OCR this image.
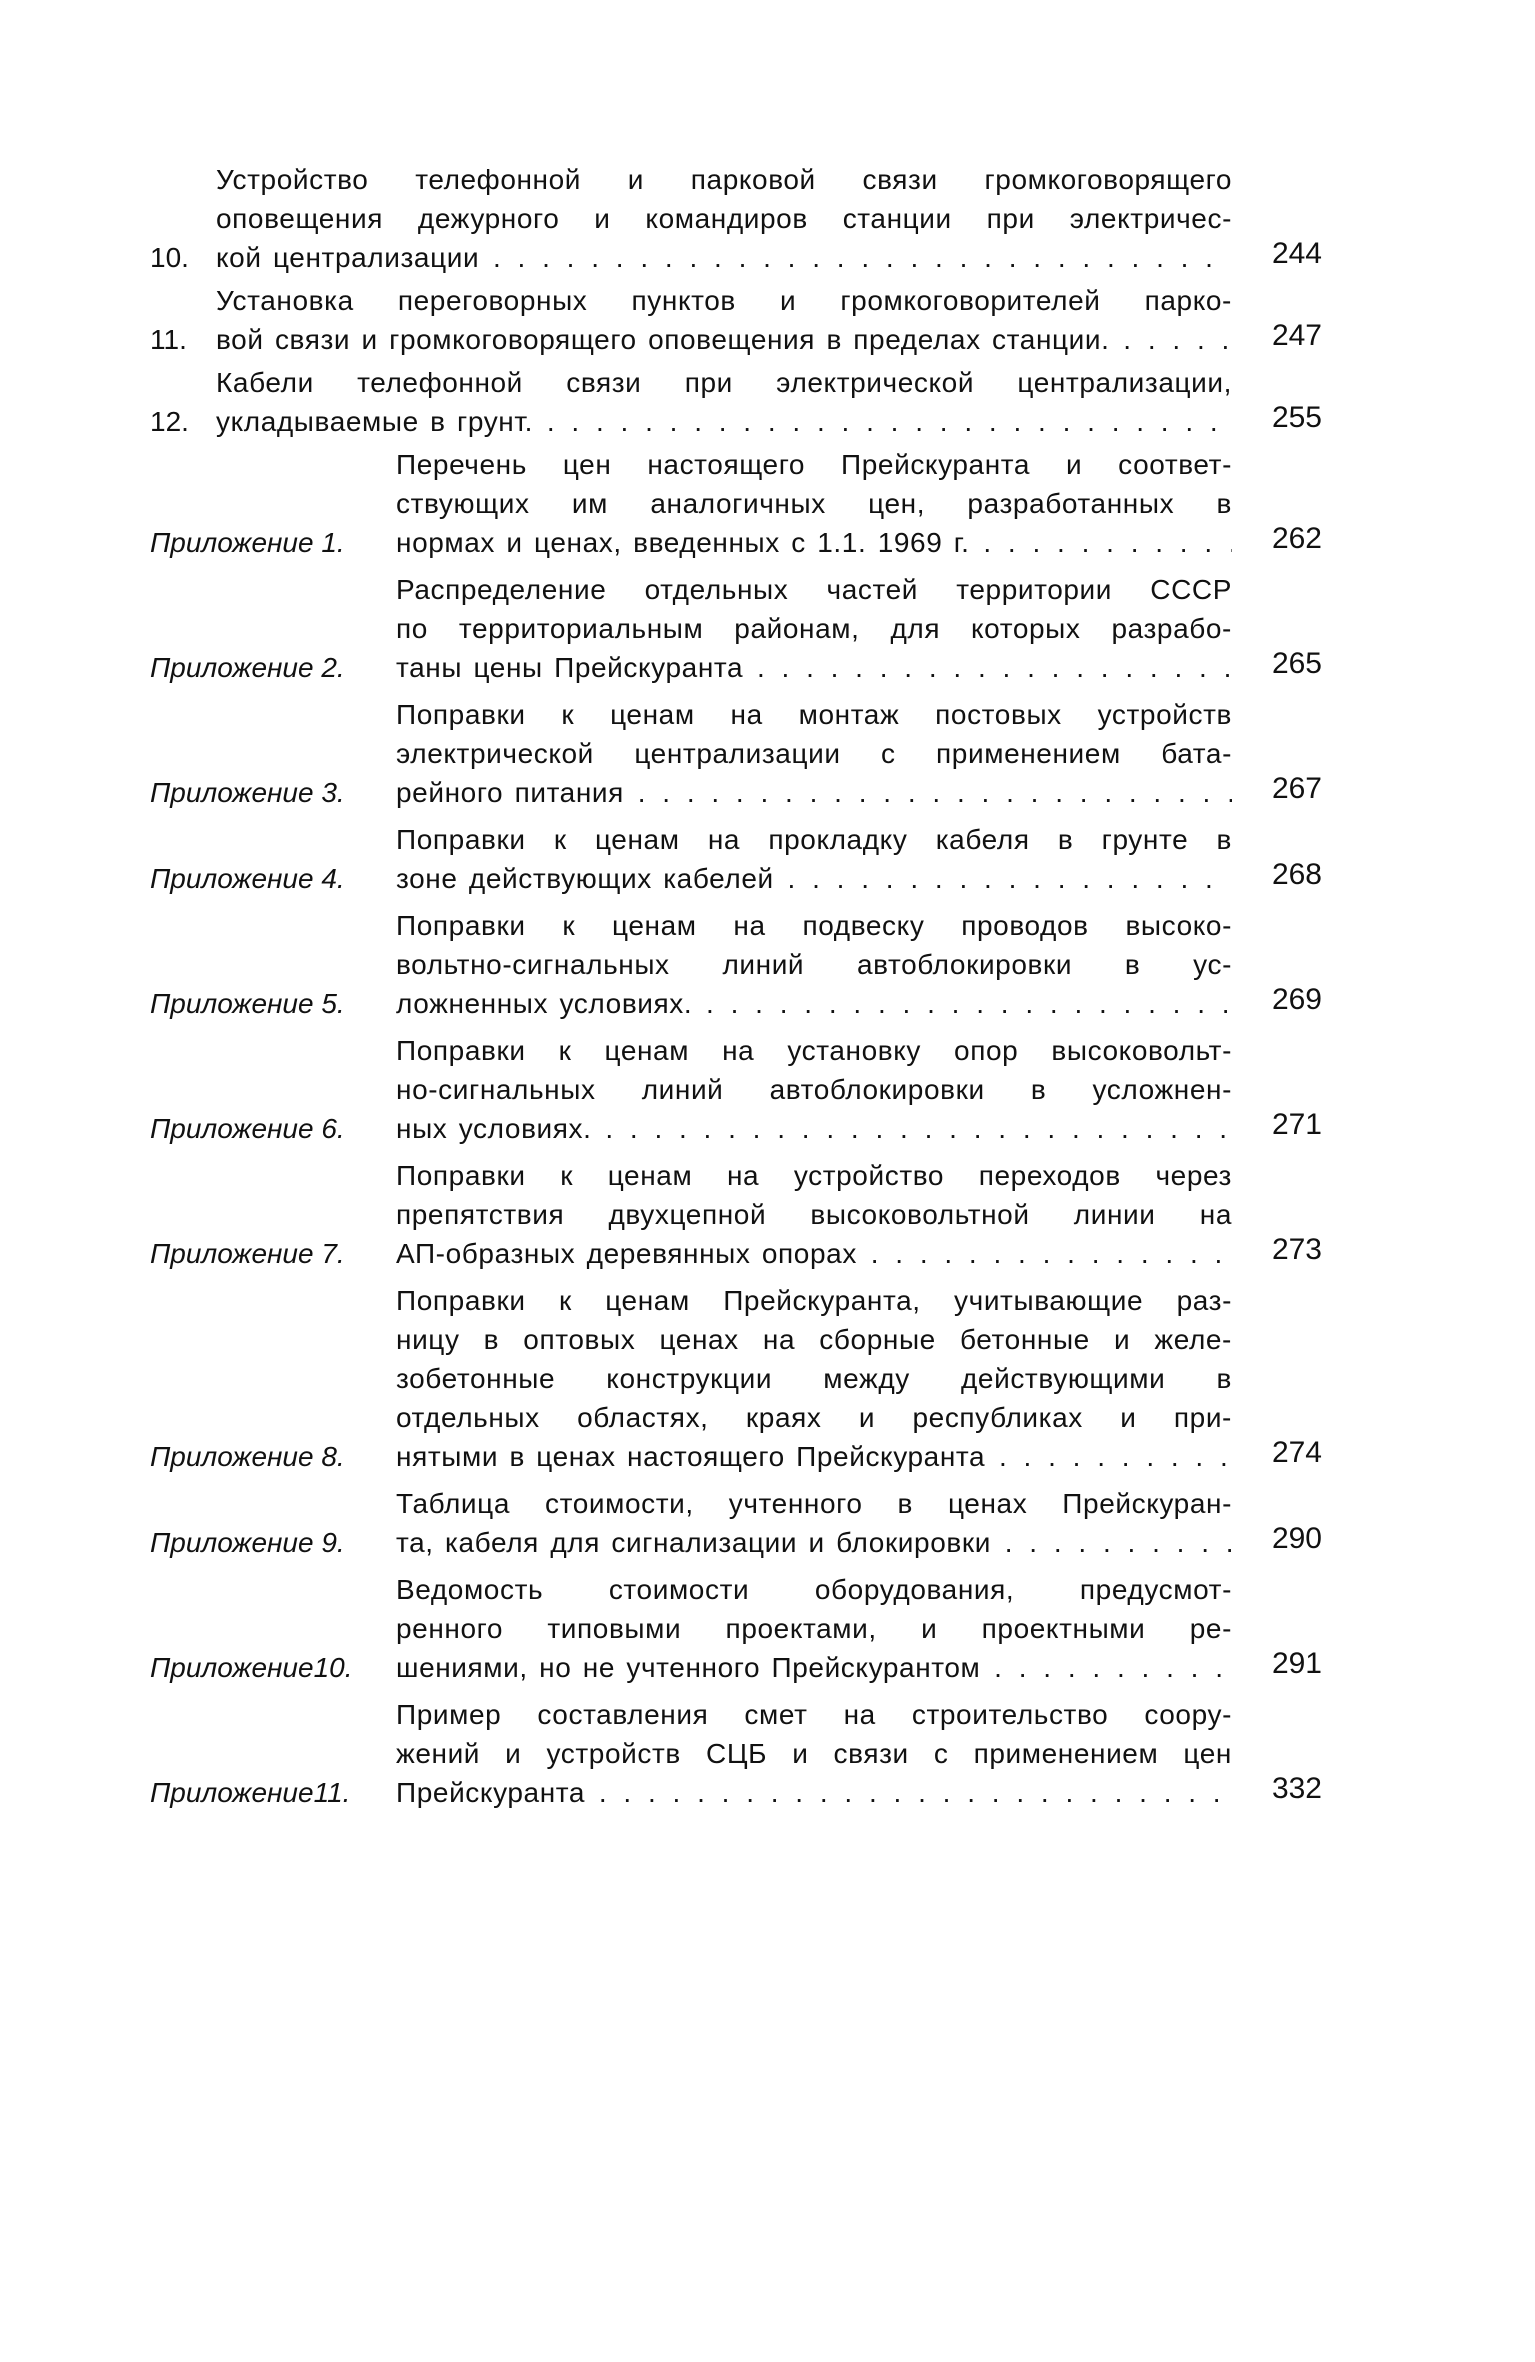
10.
Устройство телефонной и парковой связи громкоговорящего
оповещения дежурного и командиров станции при электричес-
кой централизации . . .	244
11.
Установка переговорных пунктов и громкоговорителей парко-
вой связи и громкоговорящего оповещения в пределах станции. . . .	247
12.
Кабели телефонной связи при электрической централизации,
укладываемые в грунт. . . .	255
Приложение 1.
Перечень цен настоящего Прейскуранта и соответ-
ствующих им аналогичных цен, разработанных в
нормах и ценах, введенных с 1.1. 1969 г. . . .	262
Приложение 2.
Распределение отдельных частей территории СССР
по территориальным районам, для которых разрабо-
таны цены Прейскуранта . . .	265
Приложение 3.
Поправки к ценам на монтаж постовых устройств
электрической централизации с применением бата-
рейного питания . . .	267
Приложение 4.
Поправки к ценам на прокладку кабеля в грунте в
зоне действующих кабелей . . .	268
Приложение 5.
Поправки к ценам на подвеску проводов высоко-
вольтно-сигнальных линий автоблокировки в ус-
ложненных условиях. . . .	269
Приложение 6.
Поправки к ценам на установку опор высоковольт-
но-сигнальных линий автоблокировки в усложнен-
ных условиях. . . .	271
Приложение 7.
Поправки к ценам на устройство переходов через
препятствия двухцепной высоковольтной линии на
АП-образных деревянных опорах . . .	273
Приложение 8.
Поправки к ценам Прейскуранта, учитывающие раз-
ницу в оптовых ценах на сборные бетонные и желе-
зобетонные конструкции между действующими в
отдельных областях, краях и республиках и при-
нятыми в ценах настоящего Прейскуранта . . .	274
Приложение 9.
Таблица стоимости, учтенного в ценах Прейскуран-
та, кабеля для сигнализации и блокировки . . .	290
Приложение10.
Ведомость стоимости оборудования, предусмот-
ренного типовыми проектами, и проектными ре-
шениями, но не учтенного Прейскурантом . . .	291
Приложение11.
Пример составления смет на строительство соору-
жений и устройств СЦБ и связи с применением цен
Прейскуранта . . .	332
